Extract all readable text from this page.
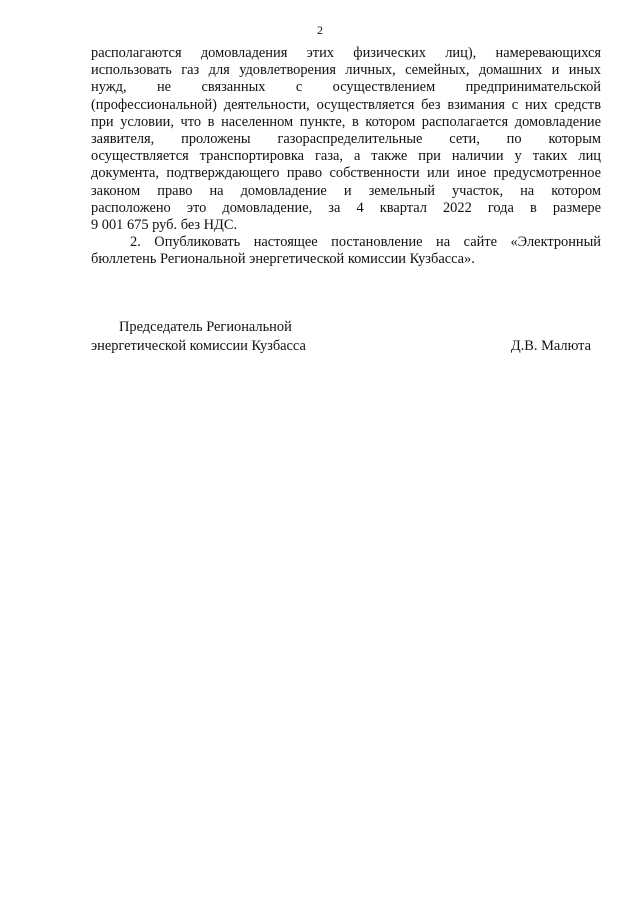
2
располагаются домовладения этих физических лиц), намеревающихся
использовать газ для удовлетворения личных, семейных, домашних и иных
нужд, не связанных с осуществлением предпринимательской
(профессиональной) деятельности, осуществляется без взимания с них средств
при условии, что в населенном пункте, в котором располагается домовладение
заявителя, проложены газораспределительные сети, по которым
осуществляется транспортировка газа, а также при наличии у таких лиц
документа, подтверждающего право собственности или иное предусмотренное
законом право на домовладение и земельный участок, на котором
расположено это домовладение, за 4 квартал 2022 года в размере
9 001 675 руб. без НДС.
2. Опубликовать настоящее постановление на сайте «Электронный
бюллетень Региональной энергетической комиссии Кузбасса».
Председатель Региональной
энергетической комиссии Кузбасса	Д.В. Малюта
